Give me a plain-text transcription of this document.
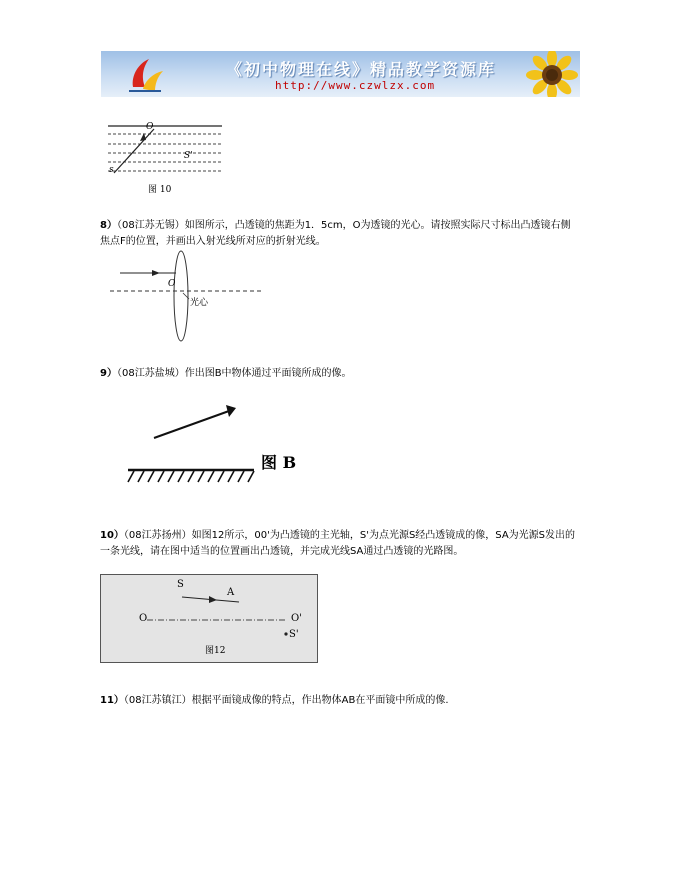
《初中物理在线》精品教学资源库
http://www.czwlzx.com
O
s
S'
图 10
8）（08江苏无锡）如图所示，凸透镜的焦距为1．5cm，O为透镜的光心。请按照实际尺寸标出凸透镜右侧焦点F的位置，并画出入射光线所对应的折射光线。
O
光心
9）（08江苏盐城）作出图B中物体通过平面镜所成的像。
图 B
10）（08江苏扬州）如图12所示，00'为凸透镜的主光轴，S'为点光源S经凸透镜成的像，SA为光源S发出的一条光线，请在图中适当的位置画出凸透镜，并完成光线SA通过凸透镜的光路图。
S
A
O	O'
S'
图12
11）（08江苏镇江）根据平面镜成像的特点，作出物体AB在平面镜中所成的像.
